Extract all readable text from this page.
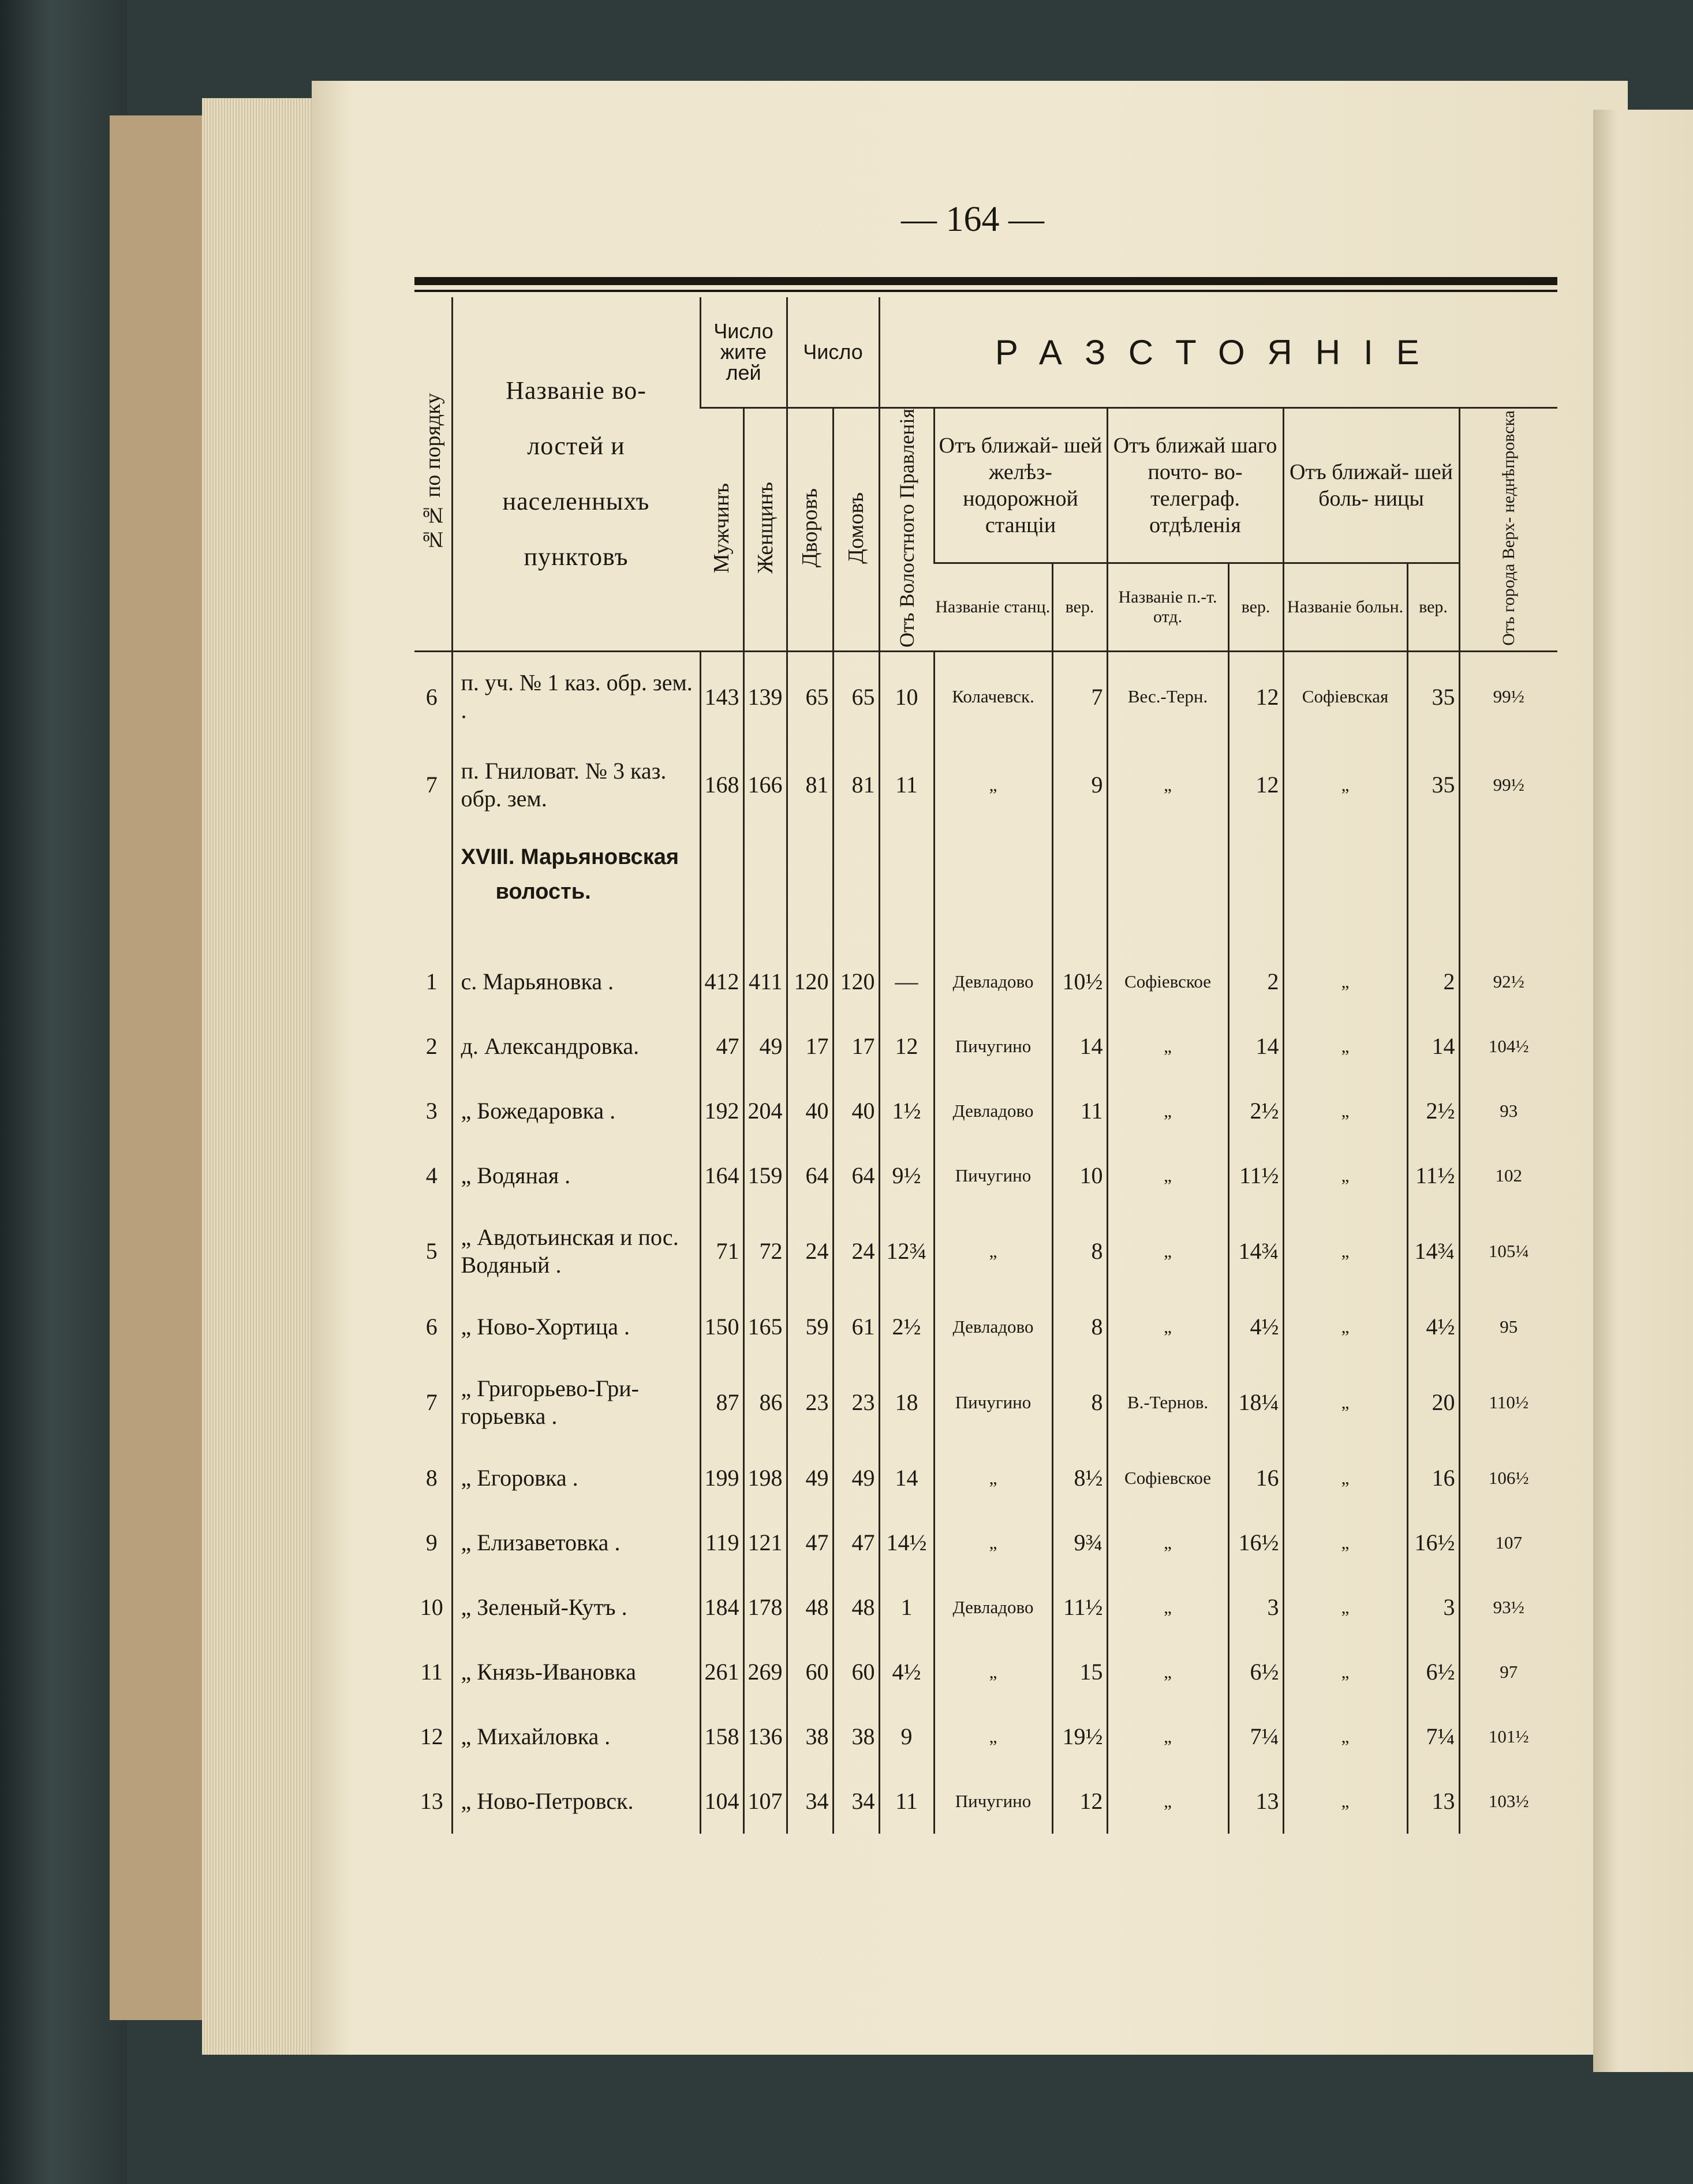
— 164 —
№№ по порядку	Названіе во-
лостей и
населенныхъ
пунктовъ	Число жите лей		Число		РАЗСТОЯНІЕ							
		Мужчинъ	Женщинъ	Дворовъ	Домовъ	Отъ Волостного Правленія	Отъ ближай- шей желѣз- нодорожной станціи		Отъ ближай шаго почто- во-телеграф. отдѣленія		Отъ ближай- шей боль- ницы		Отъ города Верх- неднѣпровска
							Названіе станц.	вер.	Названіе п.-т. отд.	вер.	Названіе больн.	вер.	
6	п. уч. № 1 каз. обр. зем. .	143	139	65	65	10	Колачевск.	7	Вес.-Терн.	12	Софіевская	35	99½
7	п. Гниловат. № 3 каз. обр. зем.	168	166	81	81	11	„	9	„	12	„	35	99½

	XVIII. Марьяновская
волость.												

1	с. Марьяновка .	412	411	120	120	—	Девладово	10½	Софіевское	2	„	2	92½
2	д. Александровка.	47	49	17	17	12	Пичугино	14	„	14	„	14	104½
3	„ Божедаровка .	192	204	40	40	1½	Девладово	11	„	2½	„	2½	93
4	„ Водяная .	164	159	64	64	9½	Пичугино	10	„	11½	„	11½	102
5	„ Авдотьинская и пос. Водяный .	71	72	24	24	12¾	„	8	„	14¾	„	14¾	105¼
6	„ Ново-Хортица .	150	165	59	61	2½	Девладово	8	„	4½	„	4½	95
7	„ Григорьево-Гри- горьевка .	87	86	23	23	18	Пичугино	8	В.-Тернов.	18¼	„	20	110½
8	„ Егоровка .	199	198	49	49	14	„	8½	Софіевское	16	„	16	106½
9	„ Елизаветовка .	119	121	47	47	14½	„	9¾	„	16½	„	16½	107
10	„ Зеленый-Кутъ .	184	178	48	48	1	Девладово	11½	„	3	„	3	93½
11	„ Князь-Ивановка	261	269	60	60	4½	„	15	„	6½	„	6½	97
12	„ Михайловка .	158	136	38	38	9	„	19½	„	7¼	„	7¼	101½
13	„ Ново-Петровск.	104	107	34	34	11	Пичугино	12	„	13	„	13	103½
